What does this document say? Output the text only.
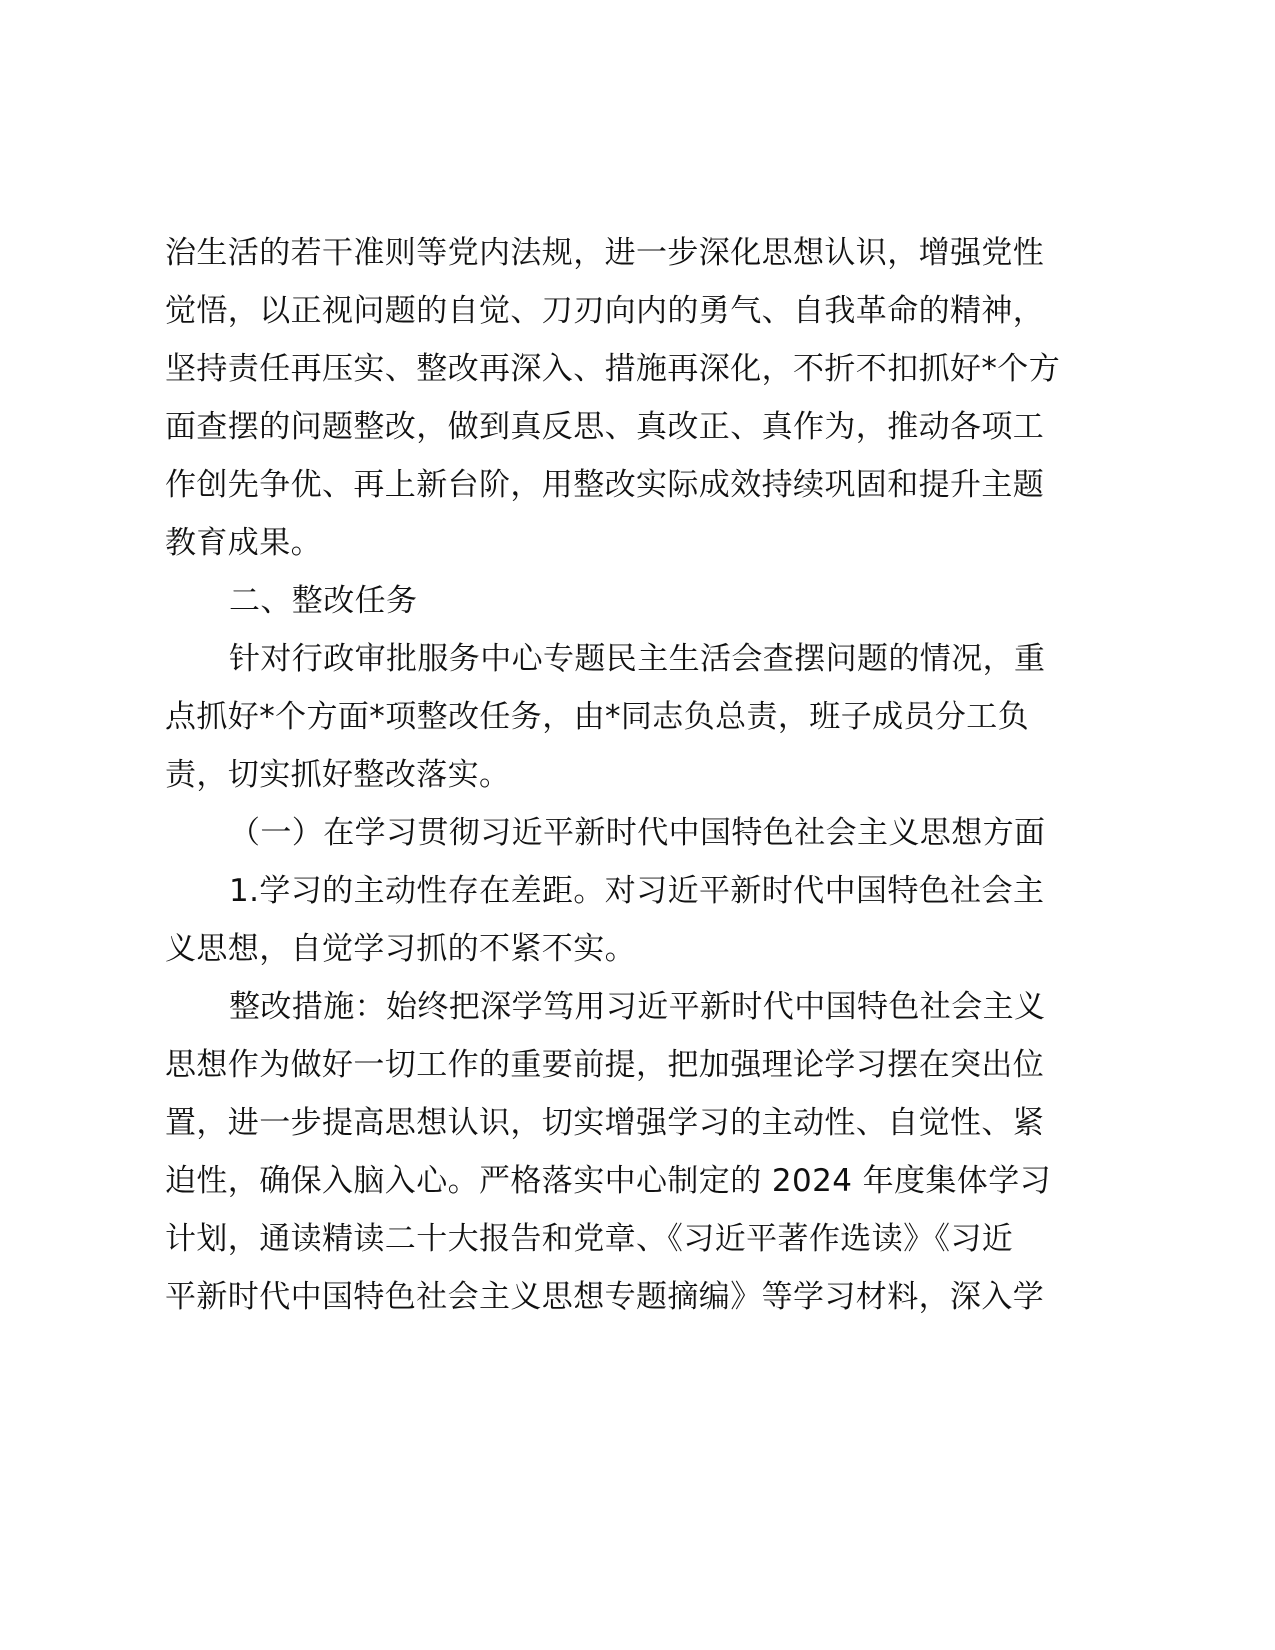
治生活的若干准则等党内法规，进一步深化思想认识，增强党性
觉悟，以正视问题的自觉、刀刃向内的勇气、自我革命的精神，
坚持责任再压实、整改再深入、措施再深化，不折不扣抓好*个方
面查摆的问题整改，做到真反思、真改正、真作为，推动各项工
作创先争优、再上新台阶，用整改实际成效持续巩固和提升主题
教育成果。
二、整改任务
针对行政审批服务中心专题民主生活会查摆问题的情况，重
点抓好*个方面*项整改任务，由*同志负总责，班子成员分工负
责，切实抓好整改落实。
（一）在学习贯彻习近平新时代中国特色社会主义思想方面
1.学习的主动性存在差距。对习近平新时代中国特色社会主
义思想，自觉学习抓的不紧不实。
整改措施：始终把深学笃用习近平新时代中国特色社会主义
思想作为做好一切工作的重要前提，把加强理论学习摆在突出位
置，进一步提高思想认识，切实增强学习的主动性、自觉性、紧
迫性，确保入脑入心。严格落实中心制定的 2024 年度集体学习
计划，通读精读二十大报告和党章、《习近平著作选读》《习近
平新时代中国特色社会主义思想专题摘编》等学习材料，深入学
